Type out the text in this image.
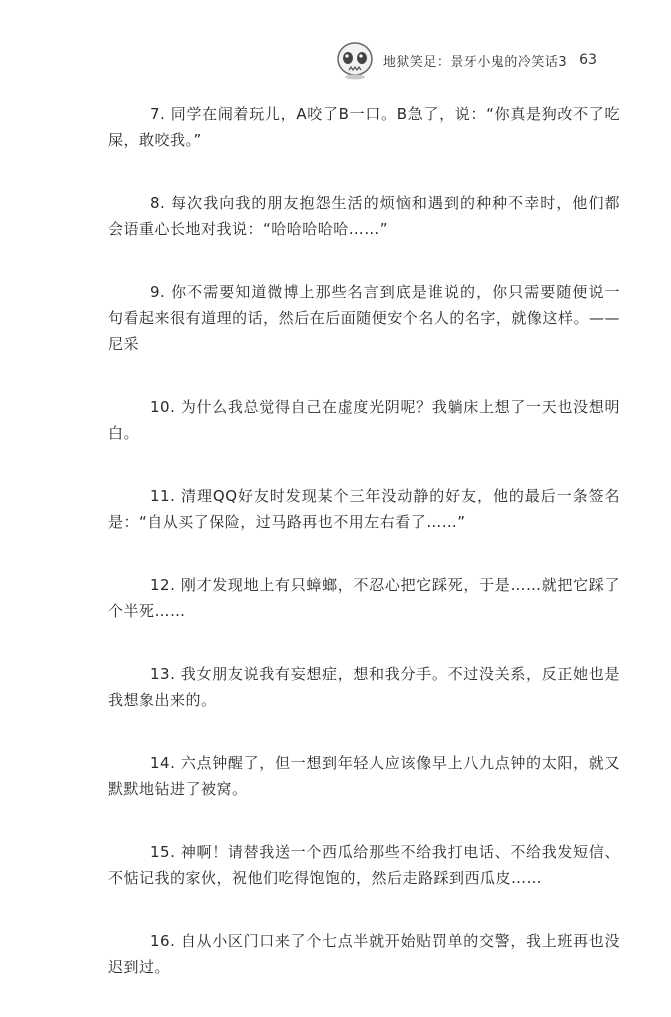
地狱笑足：景牙小鬼的冷笑话3 63

7. 同学在闹着玩儿，A咬了B一口。B急了，说：“你真是狗改不了吃屎，敢咬我。”

8. 每次我向我的朋友抱怨生活的烦恼和遇到的种种不幸时，他们都会语重心长地对我说：“哈哈哈哈哈……”

9. 你不需要知道微博上那些名言到底是谁说的，你只需要随便说一句看起来很有道理的话，然后在后面随便安个名人的名字，就像这样。——尼采

10. 为什么我总觉得自己在虚度光阴呢？我躺床上想了一天也没想明白。

11. 清理QQ好友时发现某个三年没动静的好友，他的最后一条签名是：“自从买了保险，过马路再也不用左右看了……”

12. 刚才发现地上有只蟑螂，不忍心把它踩死，于是……就把它踩了个半死……

13. 我女朋友说我有妄想症，想和我分手。不过没关系，反正她也是我想象出来的。

14. 六点钟醒了，但一想到年轻人应该像早上八九点钟的太阳，就又默默地钻进了被窝。

15. 神啊！请替我送一个西瓜给那些不给我打电话、不给我发短信、不惦记我的家伙，祝他们吃得饱饱的，然后走路踩到西瓜皮……

16. 自从小区门口来了个七点半就开始贴罚单的交警，我上班再也没迟到过。
